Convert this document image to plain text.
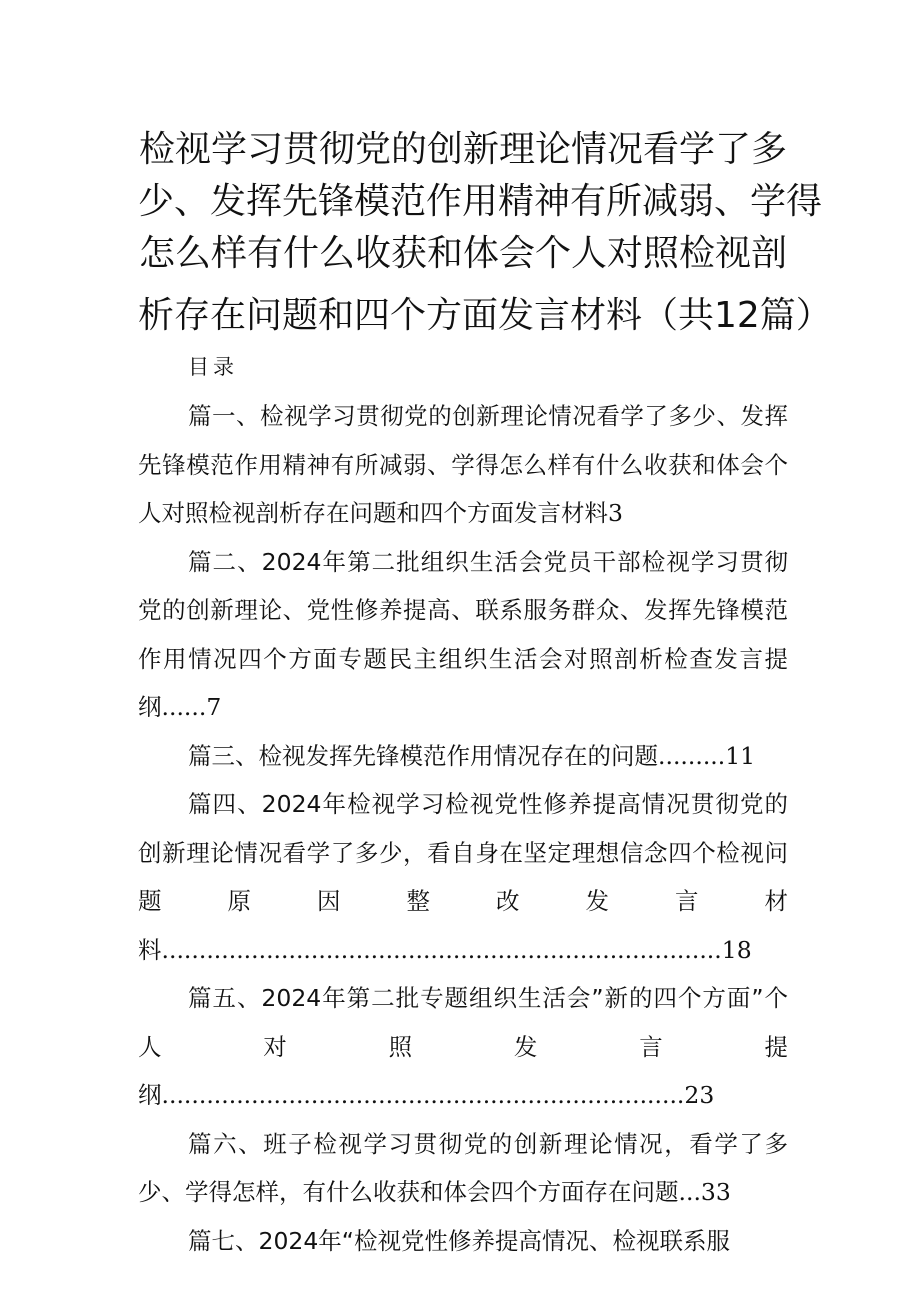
检视学习贯彻党的创新理论情况看学了多
少、发挥先锋模范作用精神有所减弱、学得
怎么样有什么收获和体会个人对照检视剖
析存在问题和四个方面发言材料（共12篇）
目录
篇一、检视学习贯彻党的创新理论情况看学了多少、发挥先锋模范作用精神有所减弱、学得怎么样有什么收获和体会个人对照检视剖析存在问题和四个方面发言材料3
篇二、2024年第二批组织生活会党员干部检视学习贯彻党的创新理论、党性修养提高、联系服务群众、发挥先锋模范作用情况四个方面专题民主组织生活会对照剖析检查发言提纲......7
篇三、检视发挥先锋模范作用情况存在的问题.........11
篇四、2024年检视学习检视党性修养提高情况贯彻党的创新理论情况看学了多少，看自身在坚定理想信念四个检视问题原因整改发言材料...........................................................................18
篇五、2024年第二批专题组织生活会”新的四个方面”个人对照发言提纲......................................................................23
篇六、班子检视学习贯彻党的创新理论情况，看学了多少、学得怎样，有什么收获和体会四个方面存在问题...33
篇七、2024年“检视党性修养提高情况、检视联系服
